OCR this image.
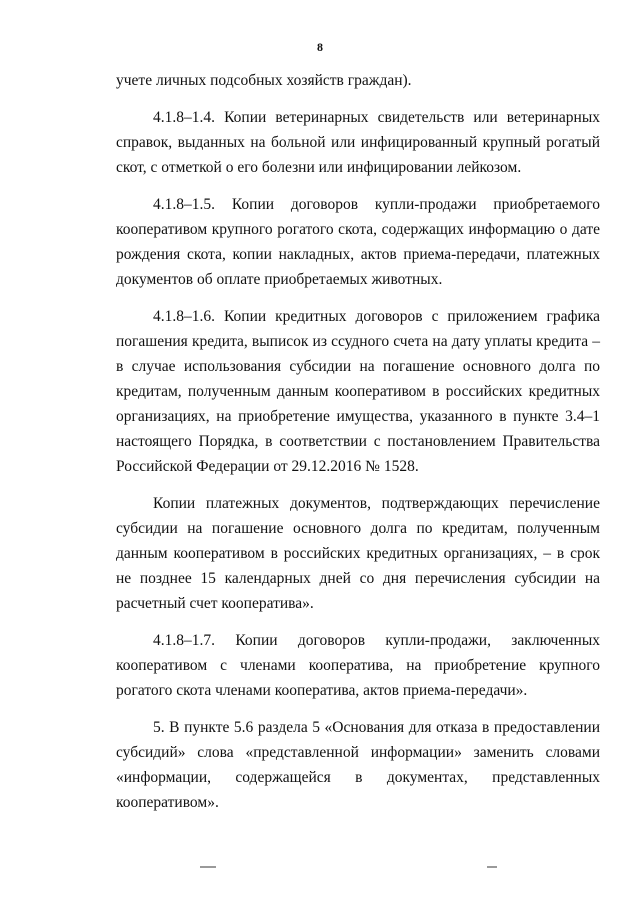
8

учете личных подсобных хозяйств граждан).

4.1.8–1.4. Копии ветеринарных свидетельств или ветеринарных справок, выданных на больной или инфицированный крупный рогатый скот, с отметкой о его болезни или инфицировании лейкозом.

4.1.8–1.5. Копии договоров купли-продажи приобретаемого кооперативом крупного рогатого скота, содержащих информацию о дате рождения скота, копии накладных, актов приема-передачи, платежных документов об оплате приобретаемых животных.

4.1.8–1.6. Копии кредитных договоров с приложением графика погашения кредита, выписок из ссудного счета на дату уплаты кредита – в случае использования субсидии на погашение основного долга по кредитам, полученным данным кооперативом в российских кредитных организациях, на приобретение имущества, указанного в пункте 3.4–1 настоящего Порядка, в соответствии с постановлением Правительства Российской Федерации от 29.12.2016 № 1528.

Копии платежных документов, подтверждающих перечисление субсидии на погашение основного долга по кредитам, полученным данным кооперативом в российских кредитных организациях, – в срок не позднее 15 календарных дней со дня перечисления субсидии на расчетный счет кооператива».

4.1.8–1.7. Копии договоров купли-продажи, заключенных кооперативом с членами кооператива, на приобретение крупного рогатого скота членами кооператива, актов приема-передачи».

5. В пункте 5.6 раздела 5 «Основания для отказа в предоставлении субсидий» слова «представленной информации» заменить словами «информации, содержащейся в документах, представленных кооперативом».
